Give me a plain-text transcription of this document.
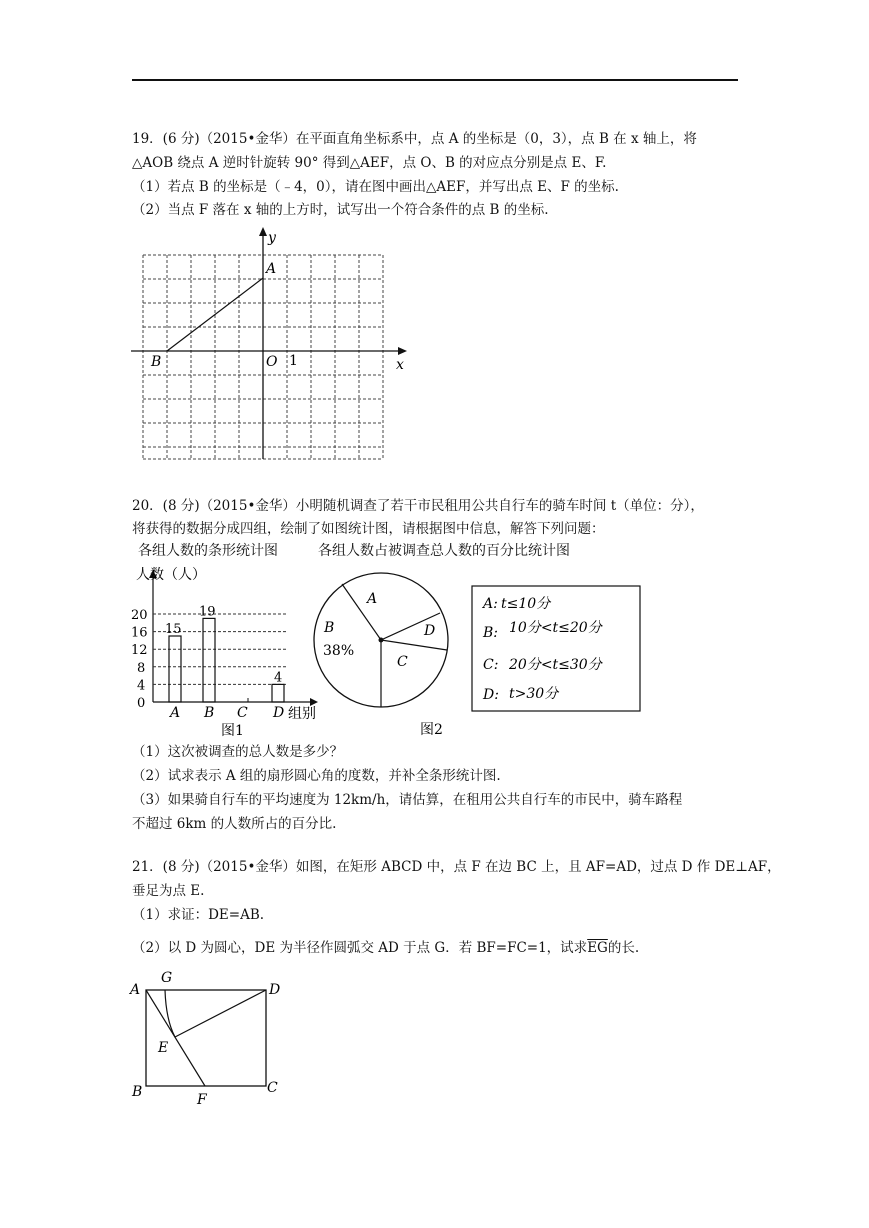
19．(6 分)（2015•金华）在平面直角坐标系中，点 A 的坐标是（0，3），点 B 在 x 轴上，将
△AOB 绕点 A 逆时针旋转 90° 得到△AEF，点 O、B 的对应点分别是点 E、F.
（1）若点 B 的坐标是（﹣4，0），请在图中画出△AEF，并写出点 E、F 的坐标.
（2）当点 F 落在 x 轴的上方时，试写出一个符合条件的点 B 的坐标.
y
x
A
B	O 1
20．(8 分)（2015•金华）小明随机调查了若干市民租用公共自行车的骑车时间 t（单位：分），
将获得的数据分成四组，绘制了如图统计图，请根据图中信息，解答下列问题：
各组人数的条形统计图	各组人数占被调查总人数的百分比统计图
0
4
8
12
16
20
人数（人）
15
A
19
B C
4
D 组别
图1
A
B
38%
C
D
图2
A: t≤10分
B: 10分<t≤20分
C: 20分<t≤30分
D: t>30分
（1）这次被调查的总人数是多少？
（2）试求表示 A 组的扇形圆心角的度数，并补全条形统计图.
（3）如果骑自行车的平均速度为 12km/h，请估算，在租用公共自行车的市民中，骑车路程
不超过 6km 的人数所占的百分比.
21．(8 分)（2015•金华）如图，在矩形 ABCD 中，点 F 在边 BC 上，且 AF=AD，过点 D 作 DE⊥AF，
垂足为点 E.
（1）求证：DE=AB.
（2）以 D 为圆心，DE 为半径作圆弧交 AD 于点 G．若 BF=FC=1，试求$\overline{EG}$的长.
A
G
D
E
B	F
C
